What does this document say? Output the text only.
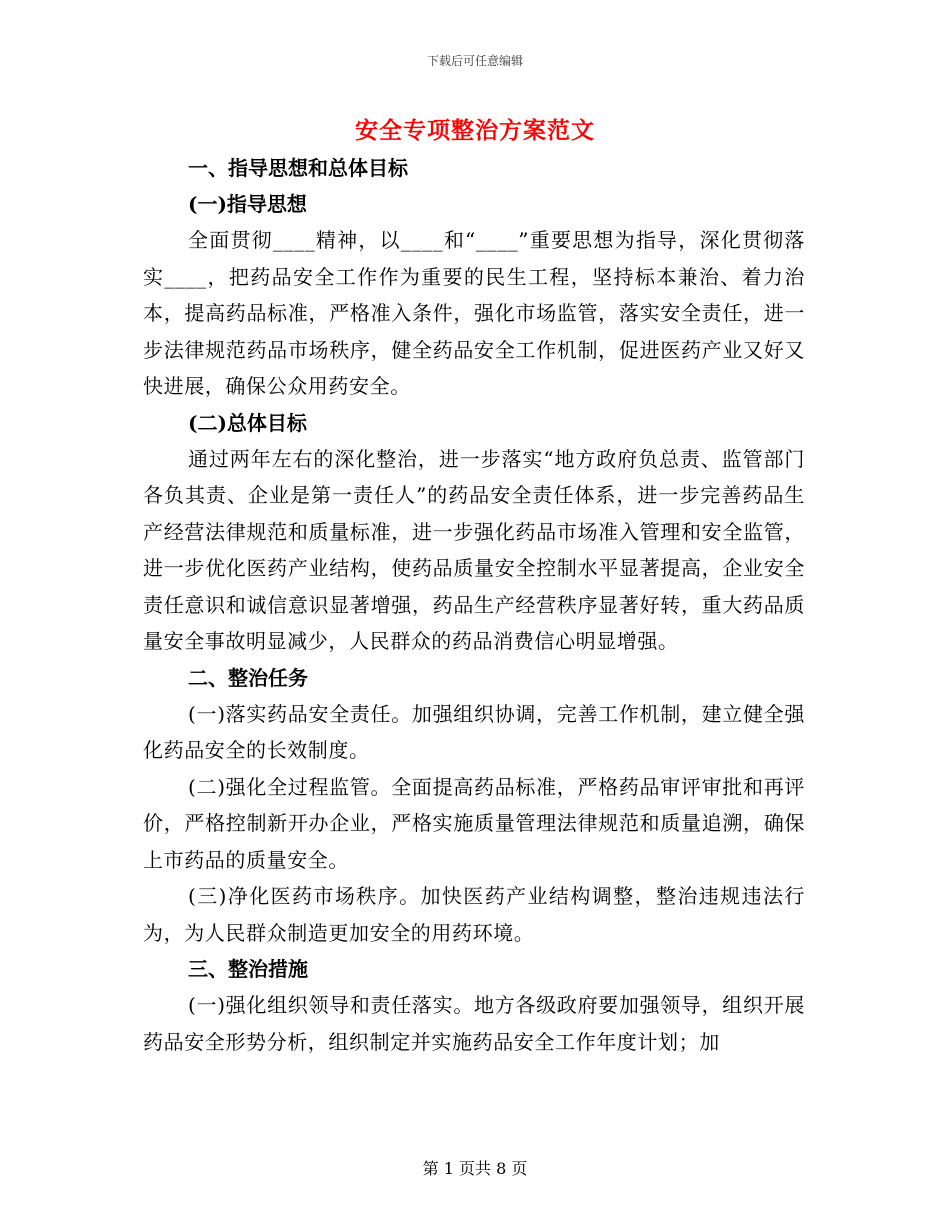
下载后可任意编辑
安全专项整治方案范文
一、指导思想和总体目标
(一)指导思想

全面贯彻____精神，以____和“____”重要思想为指导，深化贯彻落实____，把药品安全工作作为重要的民生工程，坚持标本兼治、着力治本，提高药品标准，严格准入条件，强化市场监管，落实安全责任，进一步法律规范药品市场秩序，健全药品安全工作机制，促进医药产业又好又快进展，确保公众用药安全。

(二)总体目标

通过两年左右的深化整治，进一步落实“地方政府负总责、监管部门各负其责、企业是第一责任人”的药品安全责任体系，进一步完善药品生产经营法律规范和质量标准，进一步强化药品市场准入管理和安全监管，进一步优化医药产业结构，使药品质量安全控制水平显著提高，企业安全责任意识和诚信意识显著增强，药品生产经营秩序显著好转，重大药品质量安全事故明显减少，人民群众的药品消费信心明显增强。

二、整治任务

(一)落实药品安全责任。加强组织协调，完善工作机制，建立健全强化药品安全的长效制度。

(二)强化全过程监管。全面提高药品标准，严格药品审评审批和再评价，严格控制新开办企业，严格实施质量管理法律规范和质量追溯，确保上市药品的质量安全。

(三)净化医药市场秩序。加快医药产业结构调整，整治违规违法行为，为人民群众制造更加安全的用药环境。

三、整治措施

(一)强化组织领导和责任落实。地方各级政府要加强领导，组织开展药品安全形势分析，组织制定并实施药品安全工作年度计划；加

第 1 页共 8 页
